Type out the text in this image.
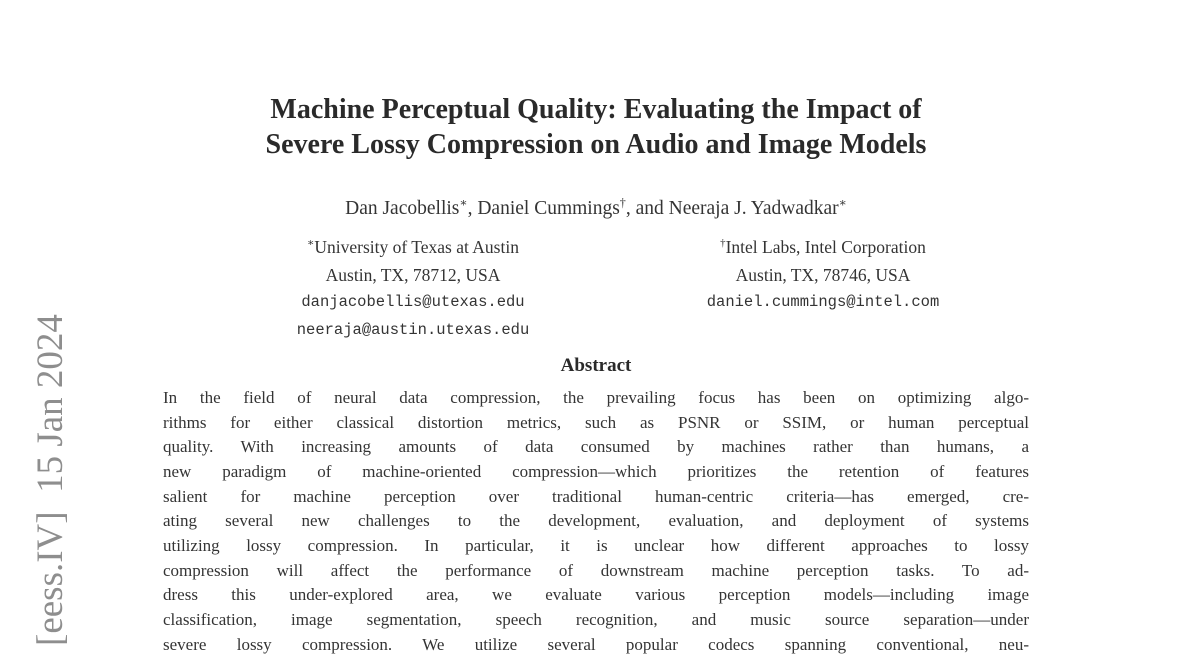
[eess.IV]  15 Jan 2024
Machine Perceptual Quality: Evaluating the Impact of
Severe Lossy Compression on Audio and Image Models
Dan Jacobellis∗, Daniel Cummings†, and Neeraja J. Yadwadkar∗
∗University of Texas at Austin
Austin, TX, 78712, USA
danjacobellis@utexas.edu
neeraja@austin.utexas.edu
†Intel Labs, Intel Corporation
Austin, TX, 78746, USA
daniel.cummings@intel.com
Abstract
In the field of neural data compression, the prevailing focus has been on optimizing algo-
rithms for either classical distortion metrics, such as PSNR or SSIM, or human perceptual
quality. With increasing amounts of data consumed by machines rather than humans, a
new paradigm of machine-oriented compression—which prioritizes the retention of features
salient for machine perception over traditional human-centric criteria—has emerged, cre-
ating several new challenges to the development, evaluation, and deployment of systems
utilizing lossy compression. In particular, it is unclear how different approaches to lossy
compression will affect the performance of downstream machine perception tasks. To ad-
dress this under-explored area, we evaluate various perception models—including image
classification, image segmentation, speech recognition, and music source separation—under
severe lossy compression. We utilize several popular codecs spanning conventional, neu-
